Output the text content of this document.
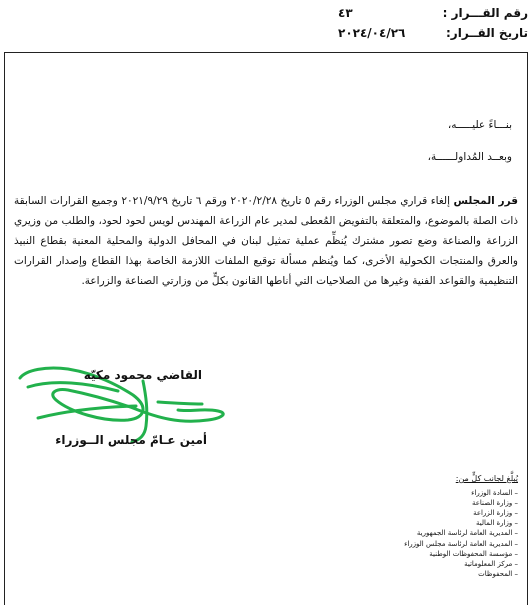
رقم القـــرار :
٤٣
تاريخ القــرار:
٢٠٢٤/٠٤/٢٦

بنـــاءً عليـــــه،

وبعــد المُداولــــــة،

قرر المجلس إلغاء قراري مجلس الوزراء رقم ٥ تاريخ ٢٠٢٠/٢/٢٨ ورقم ٦ تاريخ ٢٠٢١/٩/٢٩ وجميع القرارات السابقة ذات الصلة بالموضوع، والمتعلقة بالتفويض المُعطى لمدير عام الزراعة المهندس لويس لحود لحود، والطلب من وزيري الزراعة والصناعة وضع تصور مشترك يُنظِّم عملية تمثيل لبنان في المحافل الدولية والمحلية المعنية بقطاع النبيذ والعرق والمنتجات الكحولية الأخرى، كما ويُنظم مسألة توقيع الملفات اللازمة الخاصة بهذا القطاع وإصدار القرارات التنظيمية والقواعد الفنية وغيرها من الصلاحيات التي أناطها القانون بكلٍّ من وزارتي الصناعة والزراعة.

القاضي محمود مكيّه
أمين عـامّ مجلس الــوزراء
يُبلَّغ لجانب كلٍّ من:
– السادة الوزراء
– وزارة الصناعة
– وزارة الزراعة
– وزارة المالية
– المديرية العامة لرئاسة الجمهورية
– المديرية العامة لرئاسة مجلس الوزراء
– مؤسسة المحفوظات الوطنية
– مركز المعلوماتية
– المحفوظات
